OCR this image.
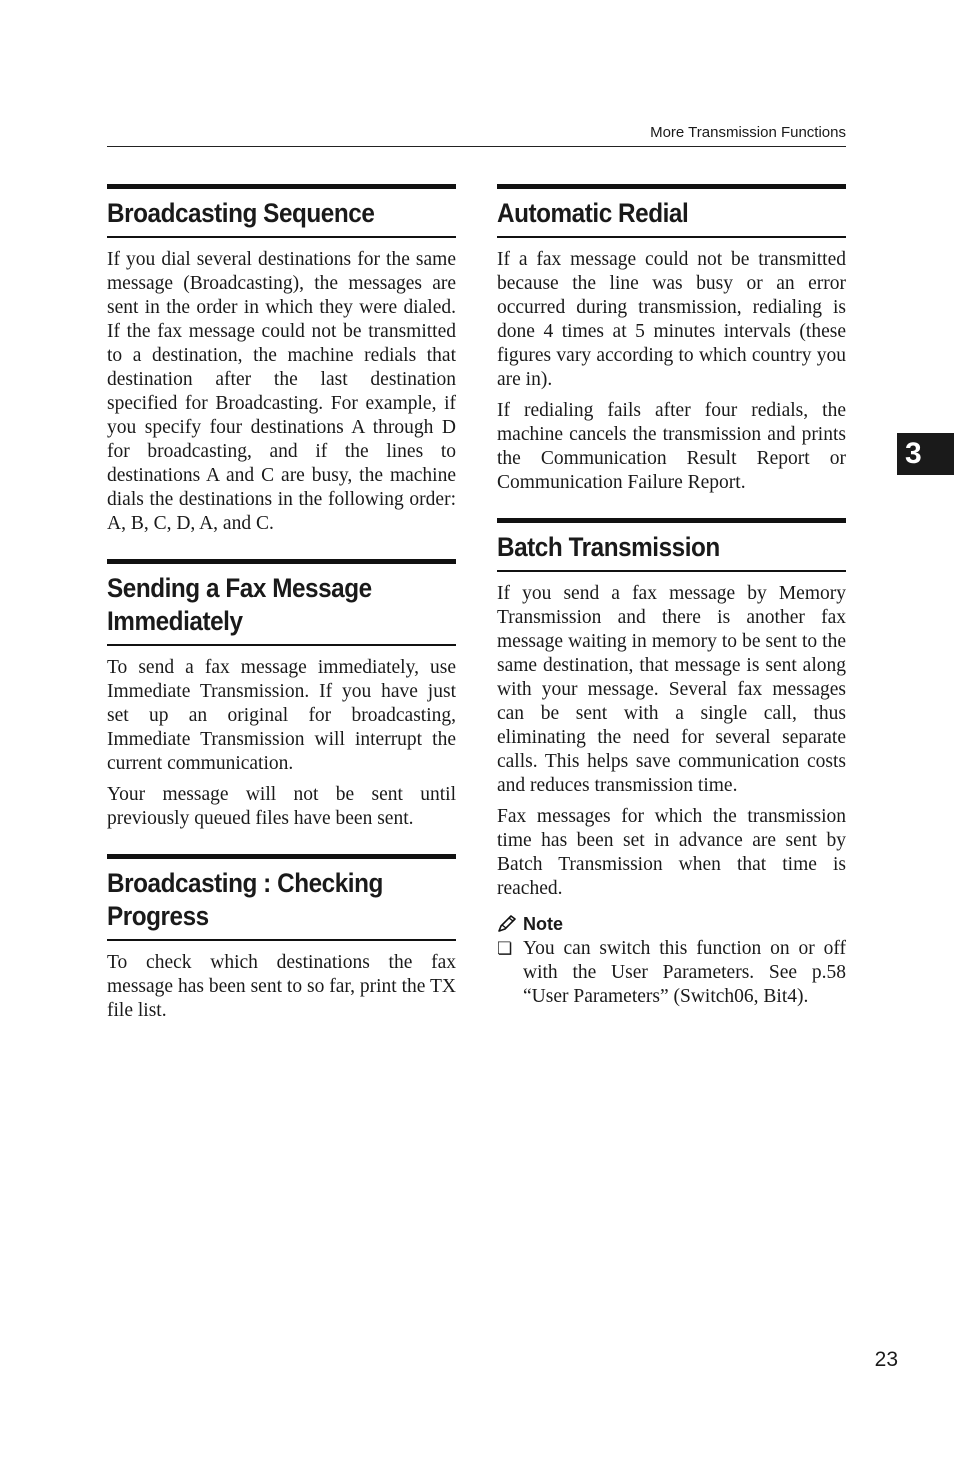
More Transmission Functions
Broadcasting Sequence

If you dial several destinations for the same message (Broadcasting), the messages are sent in the order in which they were dialed. If the fax message could not be transmitted to a destination, the machine redials that destination after the last destination specified for Broadcasting. For example, if you specify four destinations A through D for broadcasting, and if the lines to destinations A and C are busy, the machine dials the destinations in the following order: A, B, C, D, A, and C.

Sending a Fax Message Immediately

To send a fax message immediately, use Immediate Transmission. If you have just set up an original for broadcasting, Immediate Transmission will interrupt the current communication.

Your message will not be sent until previously queued files have been sent.

Broadcasting : Checking Progress

To check which destinations the fax message has been sent to so far, print the TX file list.

Automatic Redial

If a fax message could not be transmitted because the line was busy or an error occurred during transmission, redialing is done 4 times at 5 minutes intervals (these figures vary according to which country you are in).

If redialing fails after four redials, the machine cancels the transmission and prints the Communication Result Report or Communication Failure Report.

Batch Transmission

If you send a fax message by Memory Transmission and there is another fax message waiting in memory to be sent to the same destination, that message is sent along with your message. Several fax messages can be sent with a single call, thus eliminating the need for several separate calls. This helps save communication costs and reduces transmission time.

Fax messages for which the transmission time has been set in advance are sent by Batch Transmission when that time is reached.

Note
❏ You can switch this function on or off with the User Parameters. See p.58 “User Parameters” (Switch06, Bit4).
3
23
